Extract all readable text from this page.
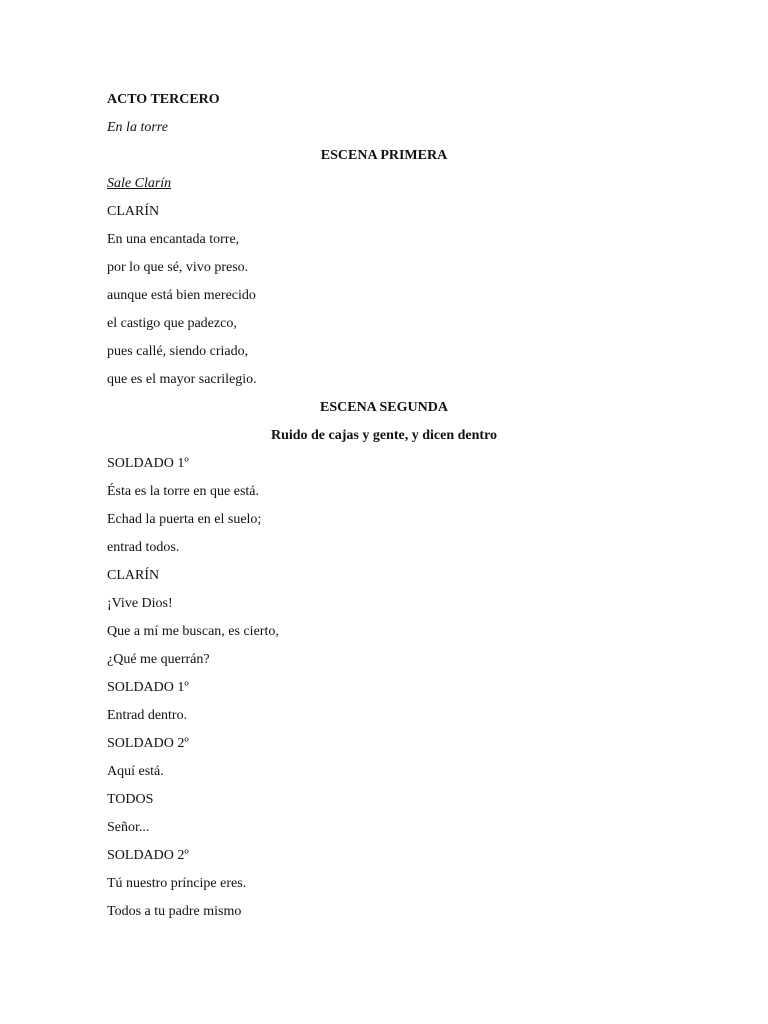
ACTO TERCERO
En la torre
ESCENA PRIMERA
Sale Clarín
CLARÍN
En una encantada torre,
por lo que sé, vivo preso.
aunque está bien merecido
el castigo que padezco,
pues callé, siendo criado,
que es el mayor sacrilegio.
ESCENA SEGUNDA
Ruido de cajas y gente, y dicen dentro
SOLDADO 1º
Ésta es la torre en que está.
Echad la puerta en el suelo;
entrad todos.
CLARÍN
¡Vive Dios!
Que a mí me buscan, es cierto,
¿Qué me querrán?
SOLDADO 1º
Entrad dentro.
SOLDADO 2º
Aquí está.
TODOS
Señor...
SOLDADO 2º
Tú nuestro príncipe eres.
Todos a tu padre mismo
